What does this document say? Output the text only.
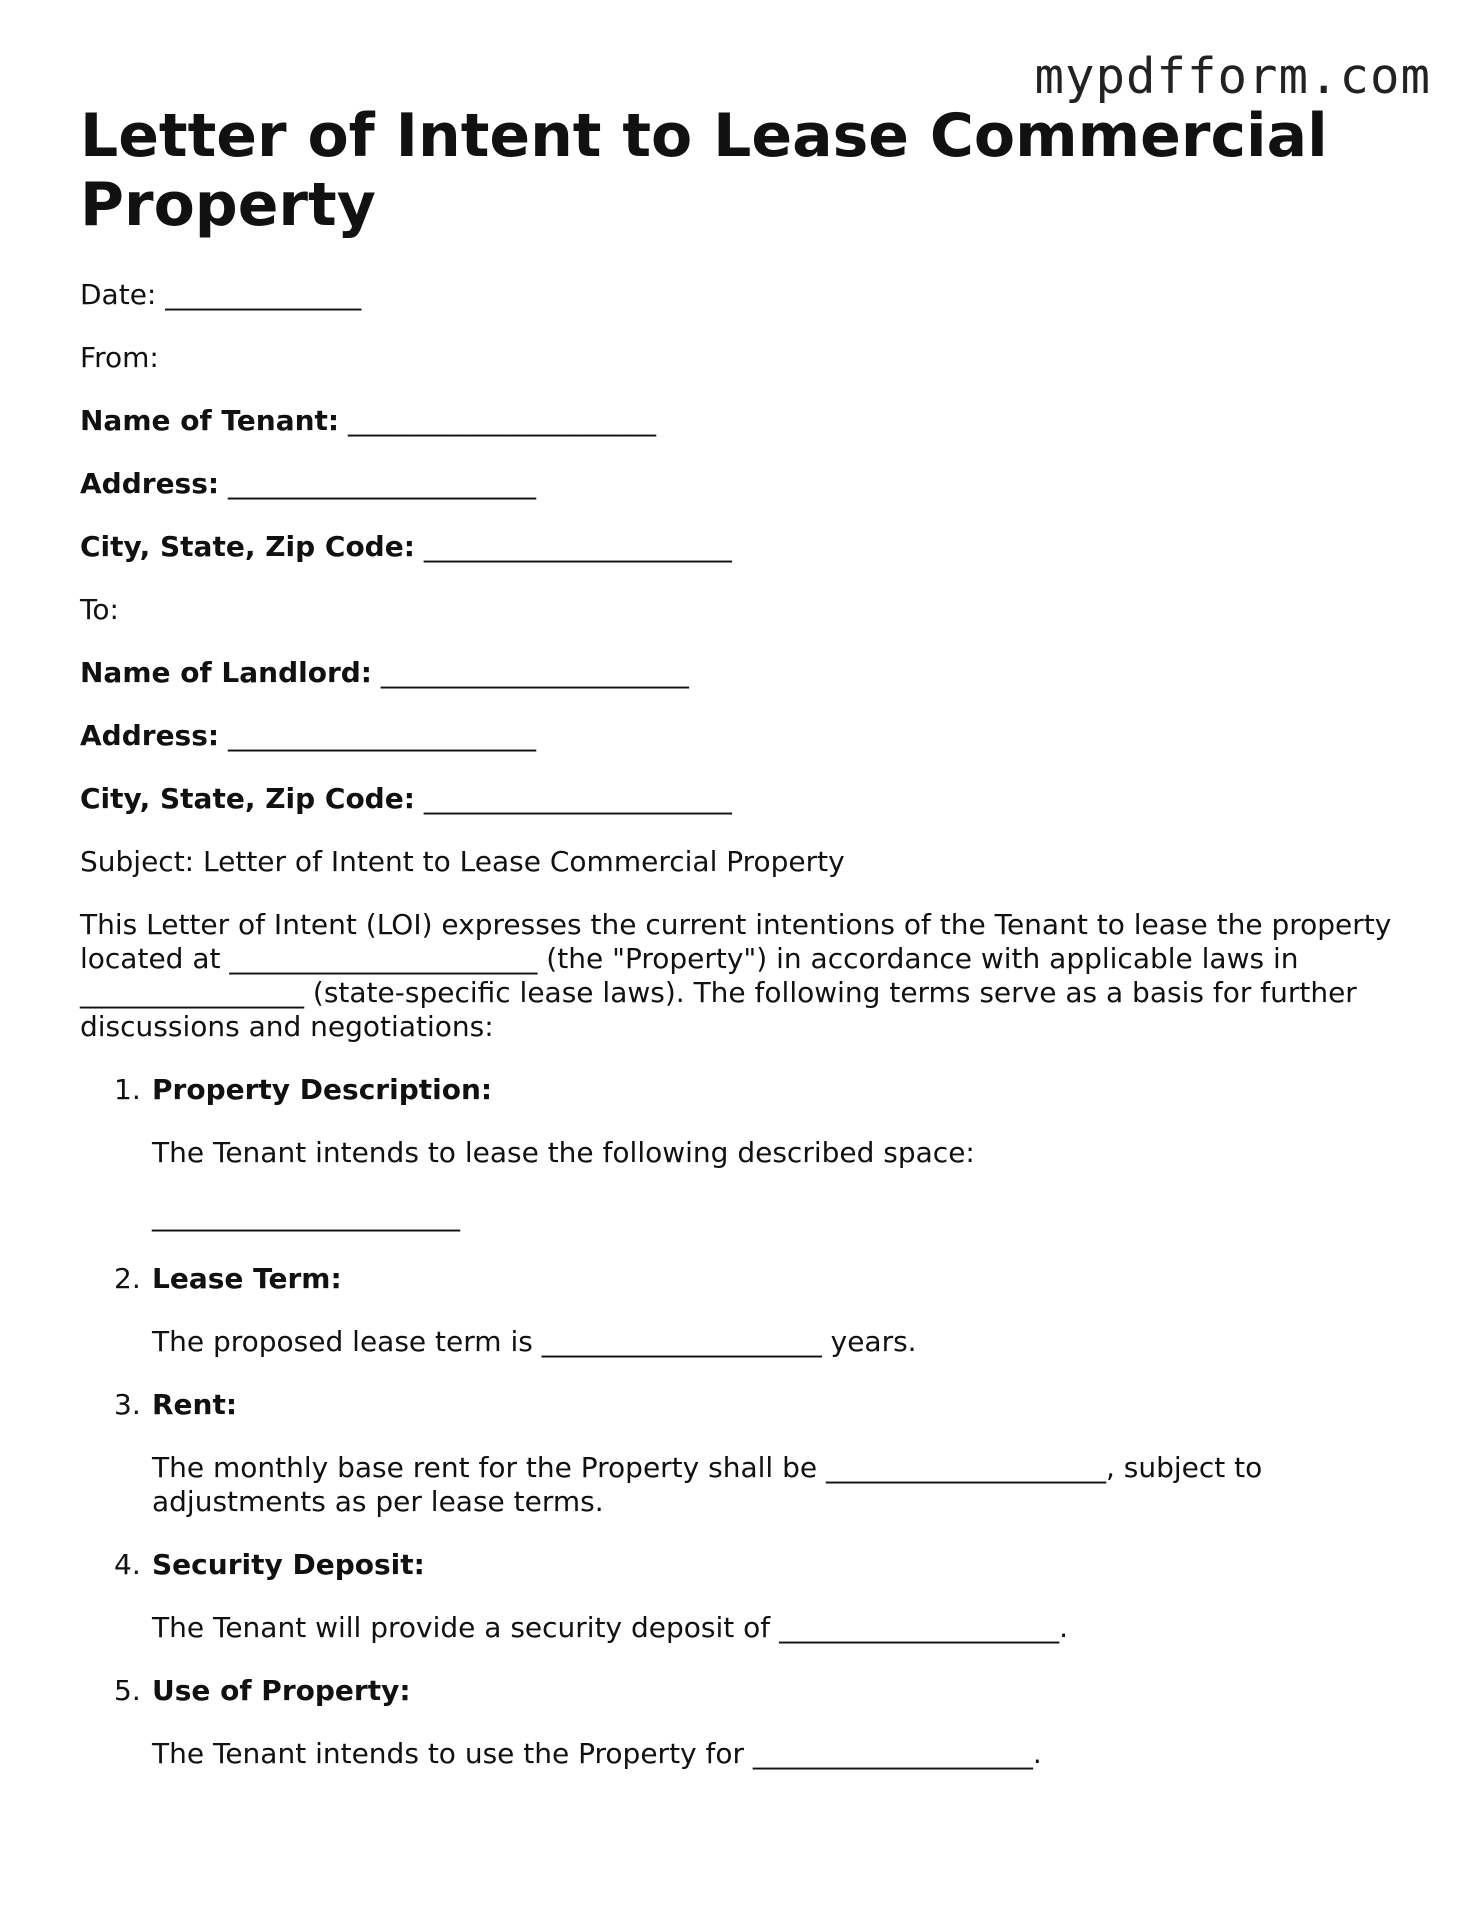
mypdfform.com
Letter of Intent to Lease Commercial Property

Date: ______________

From:

Name of Tenant: ______________________

Address: ______________________

City, State, Zip Code: ______________________

To:

Name of Landlord: ______________________

Address: ______________________

City, State, Zip Code: ______________________

Subject: Letter of Intent to Lease Commercial Property

This Letter of Intent (LOI) expresses the current intentions of the Tenant to lease the property located at ______________________ (the "Property") in accordance with applicable laws in ________________ (state-specific lease laws). The following terms serve as a basis for further discussions and negotiations:

1. Property Description:

The Tenant intends to lease the following described space:

______________________

2. Lease Term:

The proposed lease term is ____________________ years.

3. Rent:

The monthly base rent for the Property shall be ____________________, subject to adjustments as per lease terms.

4. Security Deposit:

The Tenant will provide a security deposit of ____________________.

5. Use of Property:

The Tenant intends to use the Property for ____________________.
